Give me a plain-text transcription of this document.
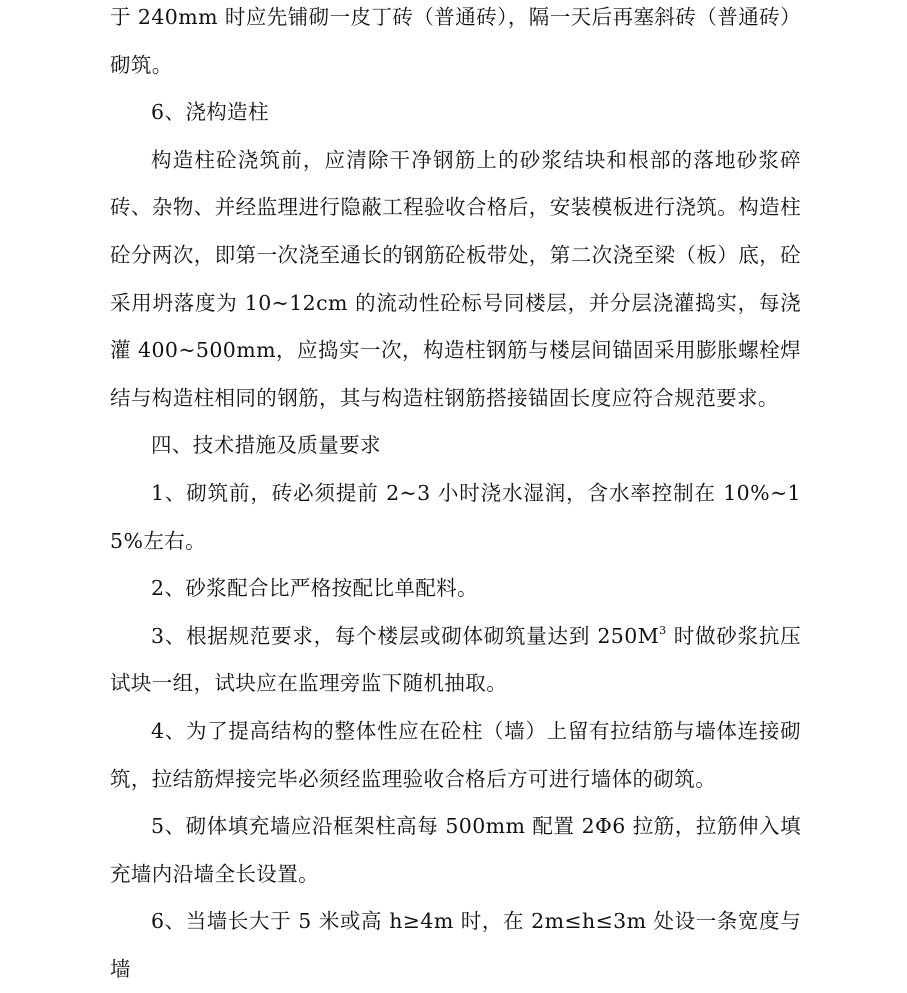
于 240mm 时应先铺砌一皮丁砖（普通砖），隔一天后再塞斜砖（普通砖）砌筑。

6、浇构造柱

构造柱砼浇筑前，应清除干净钢筋上的砂浆结块和根部的落地砂浆碎砖、杂物、并经监理进行隐蔽工程验收合格后，安装模板进行浇筑。构造柱砼分两次，即第一次浇至通长的钢筋砼板带处，第二次浇至梁（板）底，砼采用坍落度为 10~12cm 的流动性砼标号同楼层，并分层浇灌捣实，每浇灌 400~500mm，应捣实一次，构造柱钢筋与楼层间锚固采用膨胀螺栓焊结与构造柱相同的钢筋，其与构造柱钢筋搭接锚固长度应符合规范要求。

四、技术措施及质量要求

1、砌筑前，砖必须提前 2~3 小时浇水湿润，含水率控制在 10%~15%左右。

2、砂浆配合比严格按配比单配料。

3、根据规范要求，每个楼层或砌体砌筑量达到 $250M^3$ 时做砂浆抗压试块一组，试块应在监理旁监下随机抽取。

4、为了提高结构的整体性应在砼柱（墙）上留有拉结筋与墙体连接砌筑，拉结筋焊接完毕必须经监理验收合格后方可进行墙体的砌筑。

5、砌体填充墙应沿框架柱高每 500mm 配置 2Φ6 拉筋，拉筋伸入填充墙内沿墙全长设置。

6、当墙长大于 5 米或高 h≥4m 时，在 2m≤h≤3m 处设一条宽度与墙
